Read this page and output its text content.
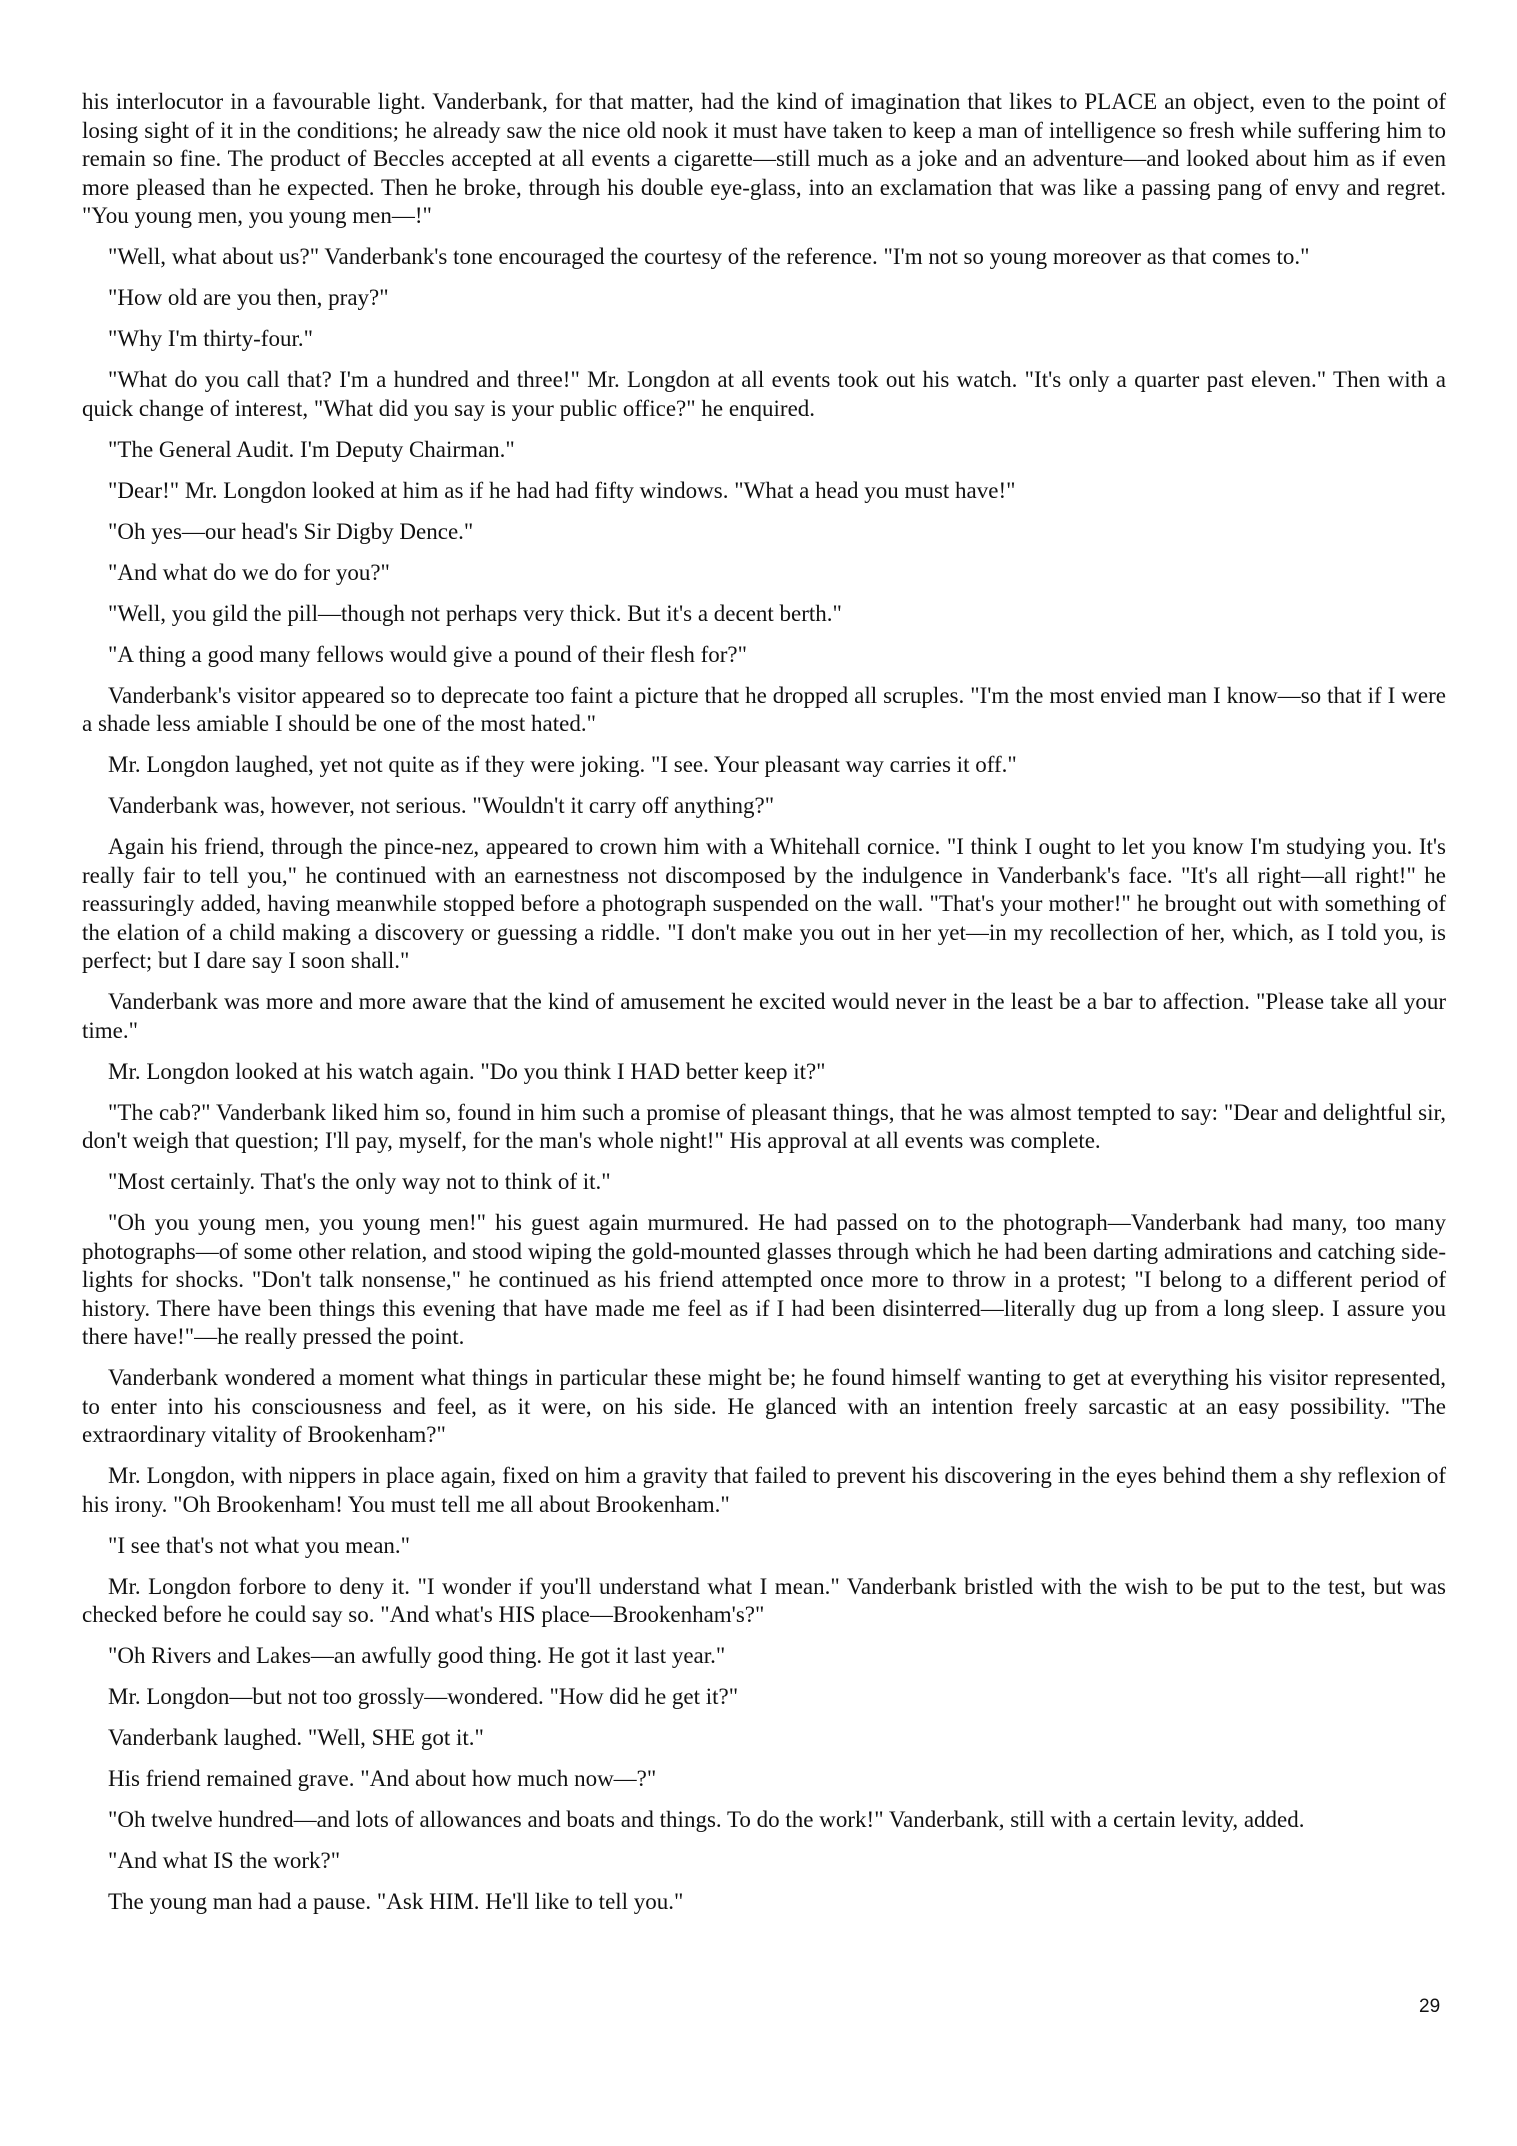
his interlocutor in a favourable light. Vanderbank, for that matter, had the kind of imagination that likes to PLACE an object, even to the point of losing sight of it in the conditions; he already saw the nice old nook it must have taken to keep a man of intelligence so fresh while suffering him to remain so fine. The product of Beccles accepted at all events a cigarette—still much as a joke and an adventure—and looked about him as if even more pleased than he expected. Then he broke, through his double eye-glass, into an exclamation that was like a passing pang of envy and regret. "You young men, you young men—!"

"Well, what about us?" Vanderbank's tone encouraged the courtesy of the reference. "I'm not so young moreover as that comes to."

"How old are you then, pray?"

"Why I'm thirty-four."

"What do you call that? I'm a hundred and three!" Mr. Longdon at all events took out his watch. "It's only a quarter past eleven." Then with a quick change of interest, "What did you say is your public office?" he enquired.

"The General Audit. I'm Deputy Chairman."

"Dear!" Mr. Longdon looked at him as if he had had fifty windows. "What a head you must have!"

"Oh yes—our head's Sir Digby Dence."

"And what do we do for you?"

"Well, you gild the pill—though not perhaps very thick. But it's a decent berth."

"A thing a good many fellows would give a pound of their flesh for?"

Vanderbank's visitor appeared so to deprecate too faint a picture that he dropped all scruples. "I'm the most envied man I know—so that if I were a shade less amiable I should be one of the most hated."

Mr. Longdon laughed, yet not quite as if they were joking. "I see. Your pleasant way carries it off."

Vanderbank was, however, not serious. "Wouldn't it carry off anything?"

Again his friend, through the pince-nez, appeared to crown him with a Whitehall cornice. "I think I ought to let you know I'm studying you. It's really fair to tell you," he continued with an earnestness not discomposed by the indulgence in Vanderbank's face. "It's all right—all right!" he reassuringly added, having meanwhile stopped before a photograph suspended on the wall. "That's your mother!" he brought out with something of the elation of a child making a discovery or guessing a riddle. "I don't make you out in her yet—in my recollection of her, which, as I told you, is perfect; but I dare say I soon shall."

Vanderbank was more and more aware that the kind of amusement he excited would never in the least be a bar to affection. "Please take all your time."

Mr. Longdon looked at his watch again. "Do you think I HAD better keep it?"

"The cab?" Vanderbank liked him so, found in him such a promise of pleasant things, that he was almost tempted to say: "Dear and delightful sir, don't weigh that question; I'll pay, myself, for the man's whole night!" His approval at all events was complete.

"Most certainly. That's the only way not to think of it."

"Oh you young men, you young men!" his guest again murmured. He had passed on to the photograph—Vanderbank had many, too many photographs—of some other relation, and stood wiping the gold-mounted glasses through which he had been darting admirations and catching side-lights for shocks. "Don't talk nonsense," he continued as his friend attempted once more to throw in a protest; "I belong to a different period of history. There have been things this evening that have made me feel as if I had been disinterred—literally dug up from a long sleep. I assure you there have!"—he really pressed the point.

Vanderbank wondered a moment what things in particular these might be; he found himself wanting to get at everything his visitor represented, to enter into his consciousness and feel, as it were, on his side. He glanced with an intention freely sarcastic at an easy possibility. "The extraordinary vitality of Brookenham?"

Mr. Longdon, with nippers in place again, fixed on him a gravity that failed to prevent his discovering in the eyes behind them a shy reflexion of his irony. "Oh Brookenham! You must tell me all about Brookenham."

"I see that's not what you mean."

Mr. Longdon forbore to deny it. "I wonder if you'll understand what I mean." Vanderbank bristled with the wish to be put to the test, but was checked before he could say so. "And what's HIS place—Brookenham's?"

"Oh Rivers and Lakes—an awfully good thing. He got it last year."

Mr. Longdon—but not too grossly—wondered. "How did he get it?"

Vanderbank laughed. "Well, SHE got it."

His friend remained grave. "And about how much now—?"

"Oh twelve hundred—and lots of allowances and boats and things. To do the work!" Vanderbank, still with a certain levity, added.

"And what IS the work?"

The young man had a pause. "Ask HIM. He'll like to tell you."

29
